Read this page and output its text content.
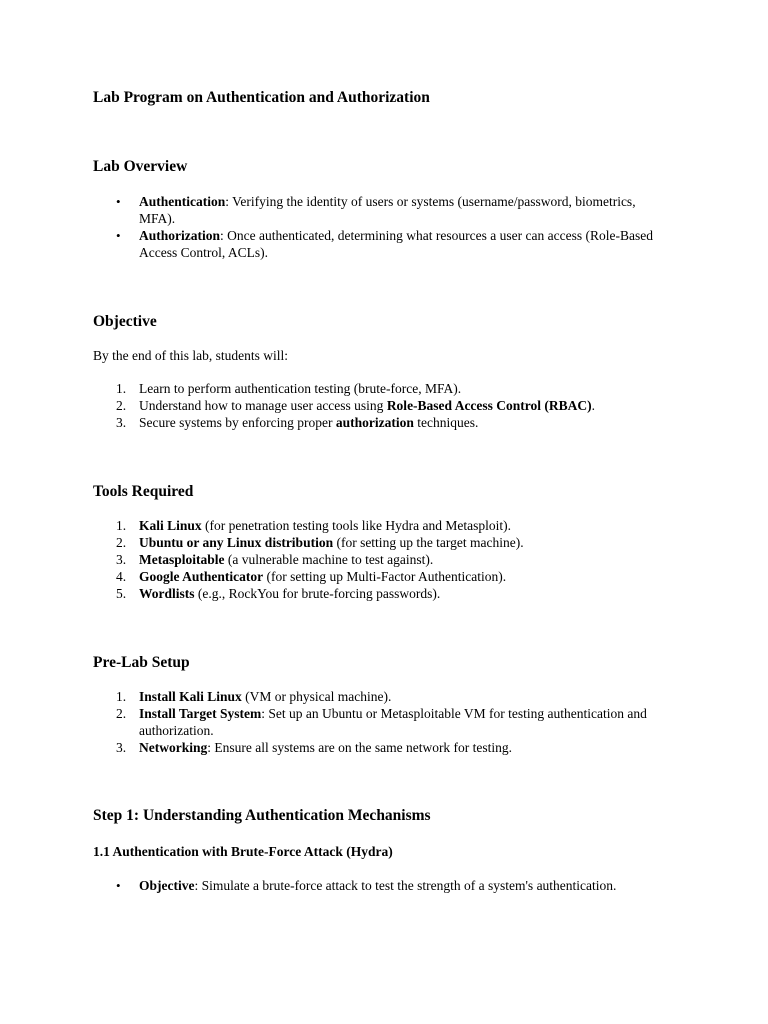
Lab Program on Authentication and Authorization
Lab Overview
•	Authentication: Verifying the identity of users or systems (username/password, biometrics, MFA).
•	Authorization: Once authenticated, determining what resources a user can access (Role-Based Access Control, ACLs).
Objective

By the end of this lab, students will:

1. Learn to perform authentication testing (brute-force, MFA).
2. Understand how to manage user access using Role-Based Access Control (RBAC).
3. Secure systems by enforcing proper authorization techniques.
Tools Required
1. Kali Linux (for penetration testing tools like Hydra and Metasploit).
2. Ubuntu or any Linux distribution (for setting up the target machine).
3. Metasploitable (a vulnerable machine to test against).
4. Google Authenticator (for setting up Multi-Factor Authentication).
5. Wordlists (e.g., RockYou for brute-forcing passwords).
Pre-Lab Setup
1. Install Kali Linux (VM or physical machine).
2. Install Target System: Set up an Ubuntu or Metasploitable VM for testing authentication and authorization.
3. Networking: Ensure all systems are on the same network for testing.
Step 1: Understanding Authentication Mechanisms
1.1 Authentication with Brute-Force Attack (Hydra)
•	Objective: Simulate a brute-force attack to test the strength of a system's authentication.
